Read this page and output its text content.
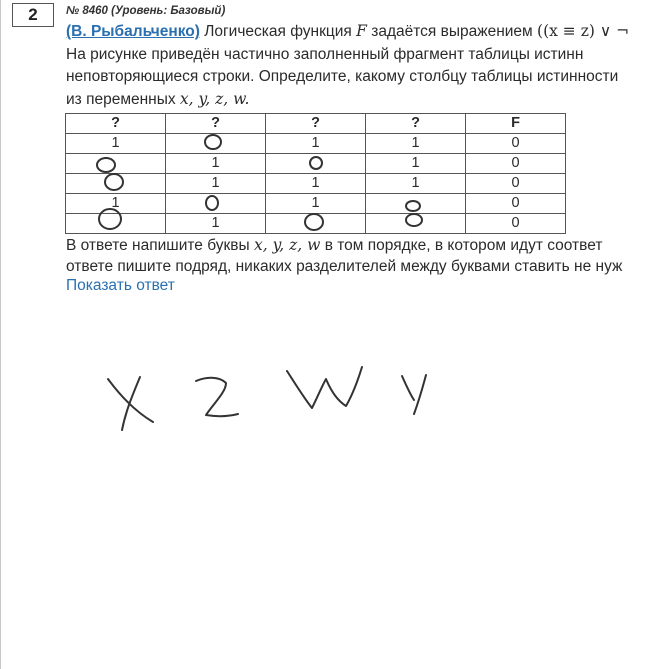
2	№ 8460 (Уровень: Базовый)
(В. Рыбальченко) Логическая функция F задаётся выражением ((x ≡ z) ∨ ¬
На рисунке приведён частично заполненный фрагмент таблицы истинн
неповторяющиеся строки. Определите, какому столбцу таблицы истинности
из переменных x, y, z, w.
?	?	?	?	F
1		1	1	0
	1		1	0
	1	1	1	0
1		1		0
	1			0
В ответе напишите буквы x, y, z, w в том порядке, в котором идут соответ
ответе пишите подряд, никаких разделителей между буквами ставить не нуж
Показать ответ
